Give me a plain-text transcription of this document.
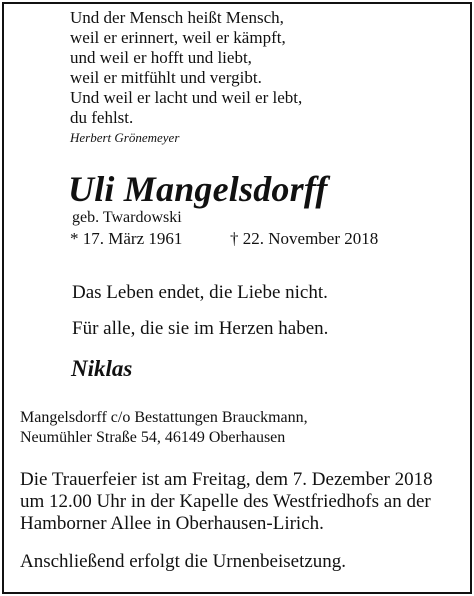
Und der Mensch heißt Mensch,
weil er erinnert, weil er kämpft,
und weil er hofft und liebt,
weil er mitfühlt und vergibt.
Und weil er lacht und weil er lebt,
du fehlst.
Herbert Grönemeyer
Uli Mangelsdorff
geb. Twardowski
* 17. März 1961	† 22. November 2018
Das Leben endet, die Liebe nicht.
Für alle, die sie im Herzen haben.
Niklas
Mangelsdorff c/o Bestattungen Brauckmann,
Neumühler Straße 54, 46149 Oberhausen
Die Trauerfeier ist am Freitag, dem 7. Dezember 2018
um 12.00 Uhr in der Kapelle des Westfriedhofs an der
Hamborner Allee in Oberhausen-Lirich.
Anschließend erfolgt die Urnenbeisetzung.
